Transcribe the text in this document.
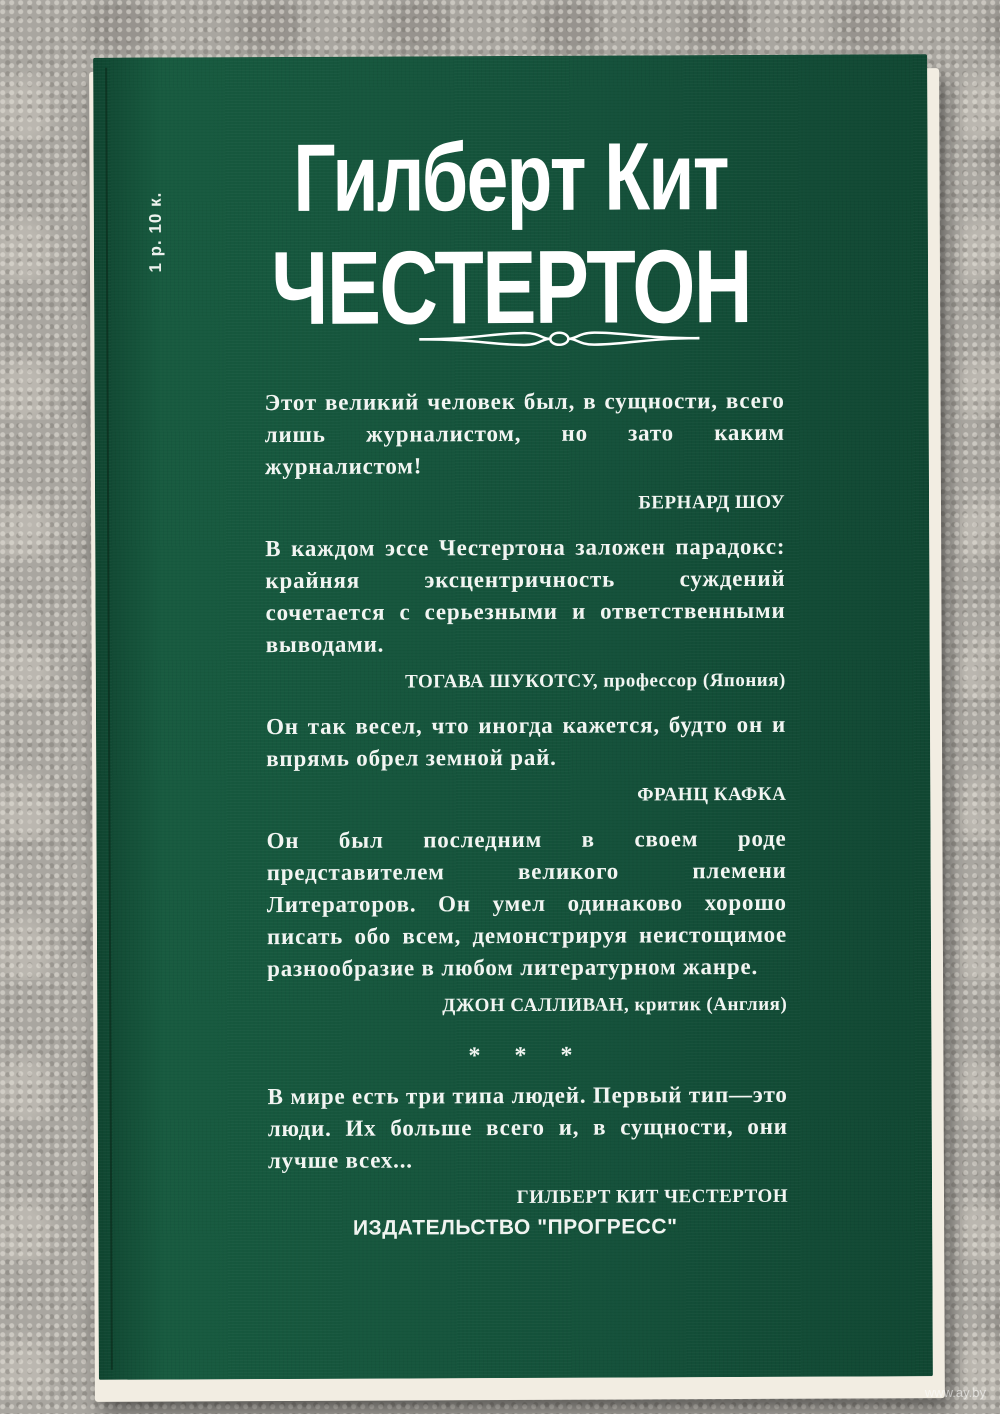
1 р. 10 к.
Гилберт Кит
ЧЕСТЕРТОН

Этот великий человек был, в сущности, всего лишь журналистом, но зато каким журналистом!

БЕРНАРД ШОУ

В каждом эссе Честертона заложен парадокс: крайняя эксцентричность суждений сочетается с серьезными и ответственными выводами.

ТОГАВА ШУКОТСУ, профессор (Япония)

Он так весел, что иногда кажется, будто он и впрямь обрел земной рай.

ФРАНЦ КАФКА

Он был последним в своем роде представителем великого племени Литераторов. Он умел одинаково хорошо писать обо всем, демонстрируя неистощимое разнообразие в любом литературном жанре.

ДЖОН САЛЛИВАН, критик (Англия)
* * *

В мире есть три типа людей. Первый тип—это люди. Их больше всего и, в сущности, они лучше всех...

ГИЛБЕРТ КИТ ЧЕСТЕРТОН
ИЗДАТЕЛЬСТВО "ПРОГРЕСС"
www.ay.by
